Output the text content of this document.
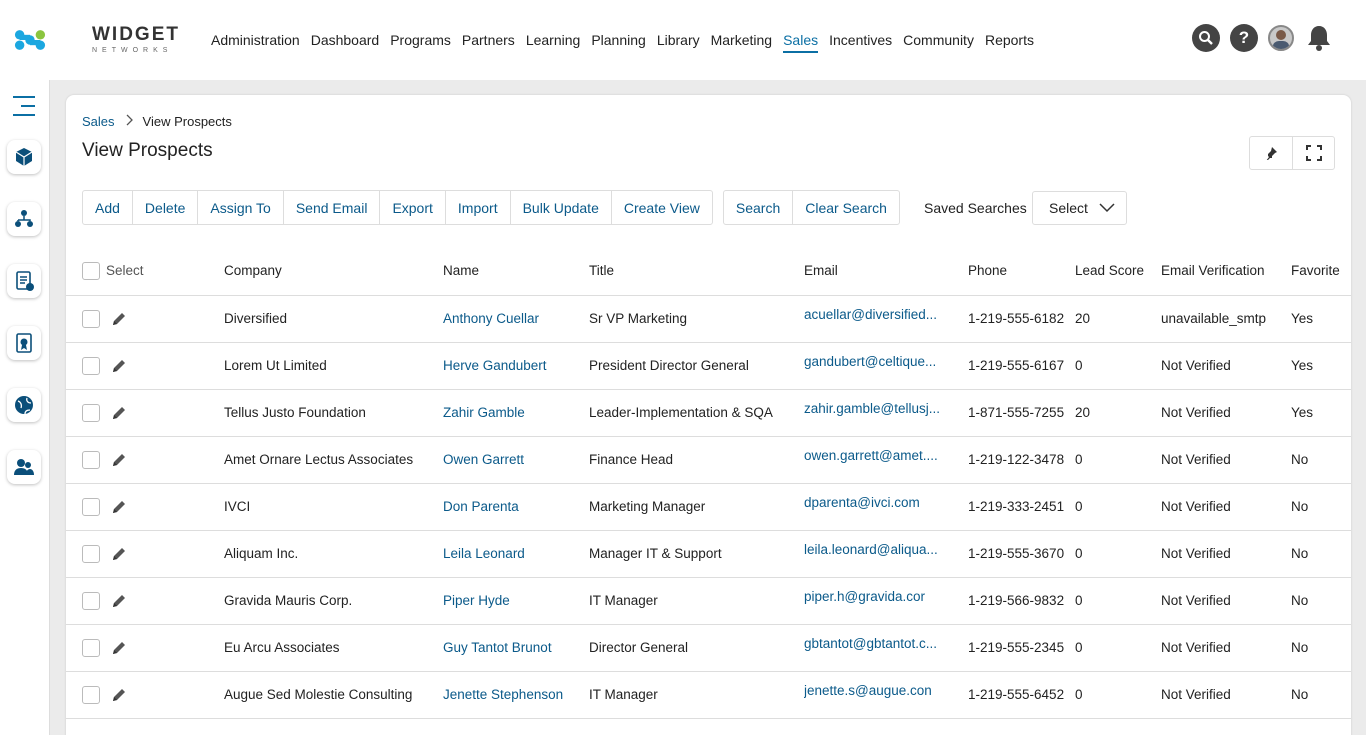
WIDGET
NETWORKS
Administration Dashboard Programs Partners Learning Planning Library Marketing Sales Incentives Community Reports	?
Sales View Prospects
View Prospects
Add	Delete	Assign To	Send Email	Export	Import	Bulk Update	Create View	Search	Clear Search	Saved Searches Select
Select	Company	Name	Title	Email	Phone	Lead Score	Email Verification	Favorite
	Diversified	Anthony Cuellar	Sr VP Marketing	acuellar@diversified...	1-219-555-6182	20	unavailable_smtp	Yes
	Lorem Ut Limited	Herve Gandubert	President Director General	gandubert@celtique...	1-219-555-6167	0	Not Verified	Yes
	Tellus Justo Foundation	Zahir Gamble	Leader-Implementation & SQA	zahir.gamble@tellusj...	1-871-555-7255	20	Not Verified	Yes
	Amet Ornare Lectus Associates	Owen Garrett	Finance Head	owen.garrett@amet....	1-219-122-3478	0	Not Verified	No
	IVCI	Don Parenta	Marketing Manager	dparenta@ivci.com	1-219-333-2451	0	Not Verified	No
	Aliquam Inc.	Leila Leonard	Manager IT & Support	leila.leonard@aliqua...	1-219-555-3670	0	Not Verified	No
	Gravida Mauris Corp.	Piper Hyde	IT Manager	piper.h@gravida.cor	1-219-566-9832	0	Not Verified	No
	Eu Arcu Associates	Guy Tantot Brunot	Director General	gbtantot@gbtantot.c...	1-219-555-2345	0	Not Verified	No
	Augue Sed Molestie Consulting	Jenette Stephenson	IT Manager	jenette.s@augue.con	1-219-555-6452	0	Not Verified	No
